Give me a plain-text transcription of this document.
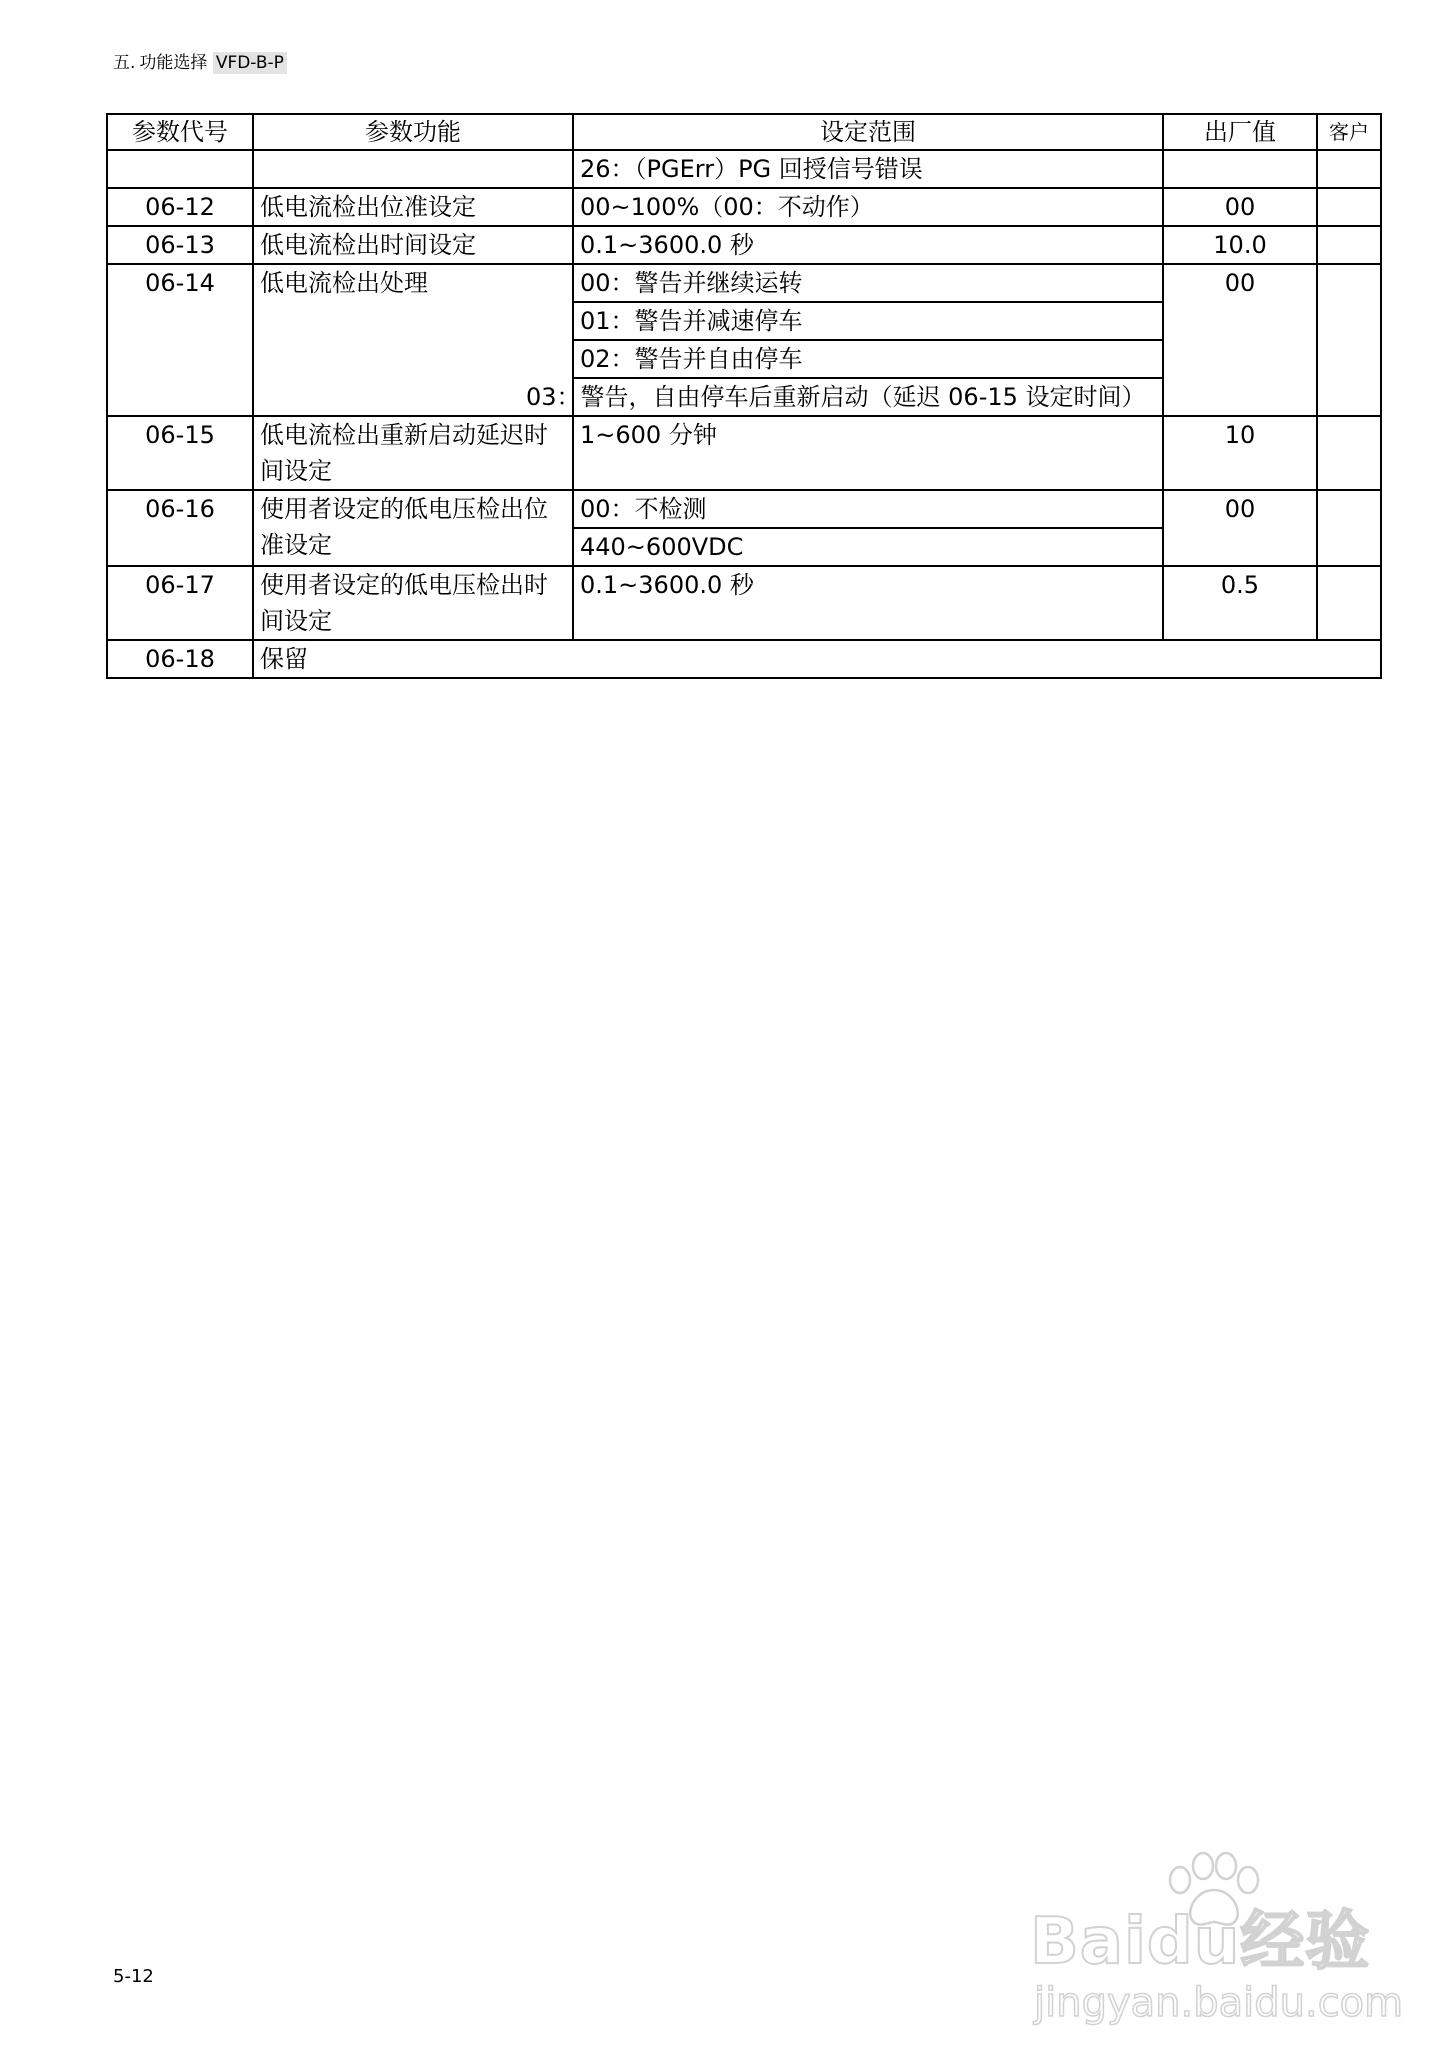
五. 功能选择 VFD-B-P
参数代号	参数功能	设定范围	出厂值	客户
		26：（PGErr）PG 回授信号错误		
06-12	低电流检出位准设定	00~100%（00：不动作）	00	
06-13	低电流检出时间设定	0.1~3600.0 秒	10.0	
06-14	低电流检出处理	00：警告并继续运转	00	
		01：警告并减速停车		
		02：警告并自由停车		
		03：警告，自由停车后重新启动（延迟 06-15 设定时间）		
06-15	低电流检出重新启动延迟时间设定	1~600 分钟	10	
06-16	使用者设定的低电压检出位准设定	00：不检测	00	
		440~600VDC		
06-17	使用者设定的低电压检出时间设定	0.1~3600.0 秒	0.5	
06-18	保留			
5-12	Baidu经验
jingyan.baidu.com
